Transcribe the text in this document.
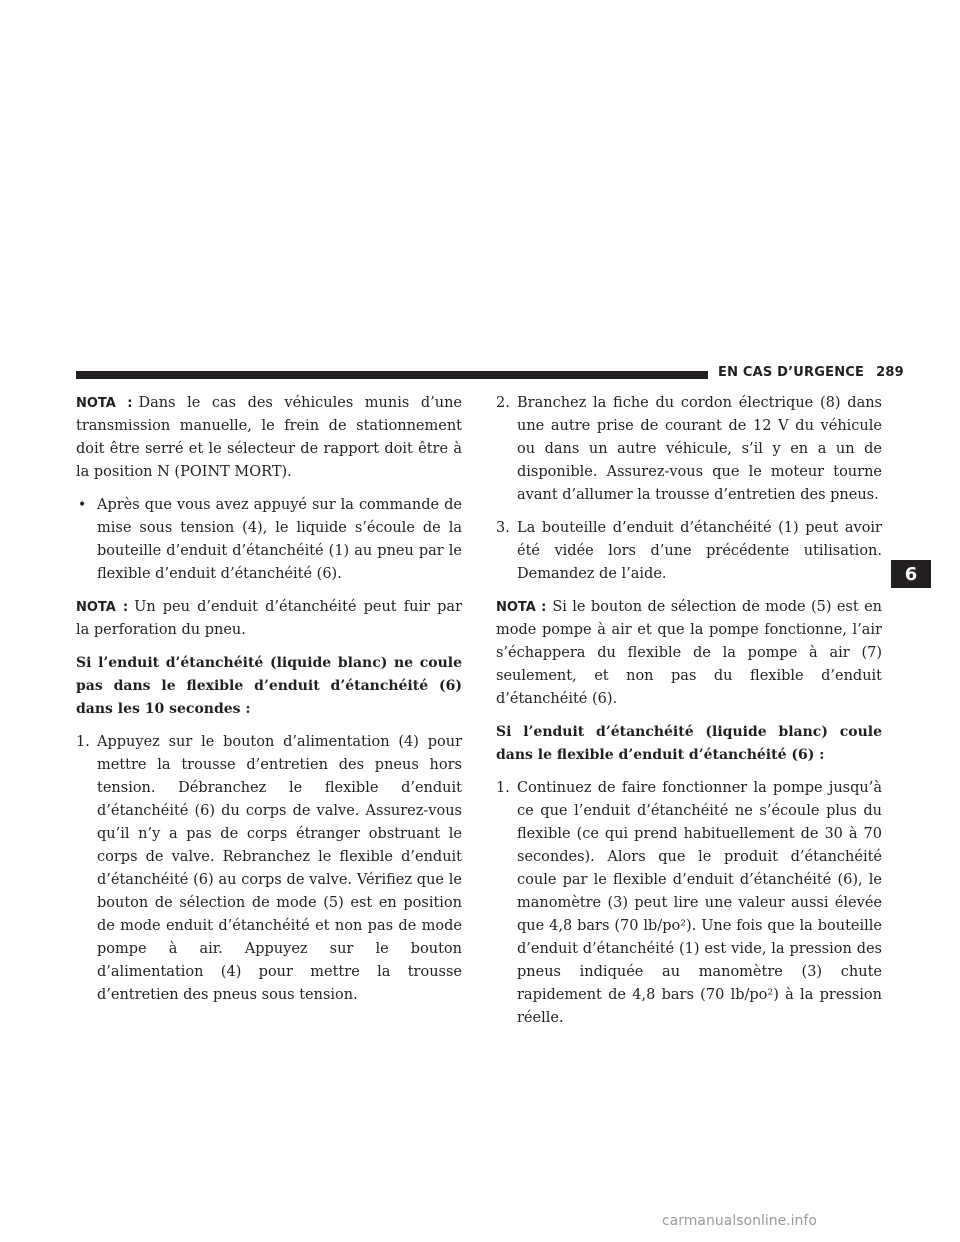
EN CAS D’URGENCE 289
6

NOTA : Dans le cas des véhicules munis d’une transmission manuelle, le frein de stationnement doit être serré et le sélecteur de rapport doit être à la position N (POINT MORT).

• Après que vous avez appuyé sur la commande de mise sous tension (4), le liquide s’écoule de la bouteille d’enduit d’étanchéité (1) au pneu par le flexible d’enduit d’étanchéité (6).

NOTA : Un peu d’enduit d’étanchéité peut fuir par la perforation du pneu.

Si l’enduit d’étanchéité (liquide blanc) ne coule pas dans le flexible d’enduit d’étanchéité (6) dans les 10 secondes :

1. Appuyez sur le bouton d’alimentation (4) pour mettre la trousse d’entretien des pneus hors tension. Débranchez le flexible d’enduit d’étanchéité (6) du corps de valve. Assurez-vous qu’il n’y a pas de corps étranger obstruant le corps de valve. Rebranchez le flexible d’enduit d’étanchéité (6) au corps de valve. Vérifiez que le bouton de sélection de mode (5) est en position de mode enduit d’étanchéité et non pas de mode pompe à air. Appuyez sur le bouton d’alimentation (4) pour mettre la trousse d’entretien des pneus sous tension.
2. Branchez la fiche du cordon électrique (8) dans une autre prise de courant de 12 V du véhicule ou dans un autre véhicule, s’il y en a un de disponible. Assurez-vous que le moteur tourne avant d’allumer la trousse d’entretien des pneus.
3. La bouteille d’enduit d’étanchéité (1) peut avoir été vidée lors d’une précédente utilisation. Demandez de l’aide.

NOTA : Si le bouton de sélection de mode (5) est en mode pompe à air et que la pompe fonctionne, l’air s’échappera du flexible de la pompe à air (7) seulement, et non pas du flexible d’enduit d’étanchéité (6).

Si l’enduit d’étanchéité (liquide blanc) coule dans le flexible d’enduit d’étanchéité (6) :

1. Continuez de faire fonctionner la pompe jusqu’à ce que l’enduit d’étanchéité ne s’écoule plus du flexible (ce qui prend habituellement de 30 à 70 secondes). Alors que le produit d’étanchéité coule par le flexible d’enduit d’étanchéité (6), le manomètre (3) peut lire une valeur aussi élevée que 4,8 bars (70 lb/po²). Une fois que la bouteille d’enduit d’étanchéité (1) est vide, la pression des pneus indiquée au manomètre (3) chute rapidement de 4,8 bars (70 lb/po²) à la pression réelle.
carmanualsonline.info
